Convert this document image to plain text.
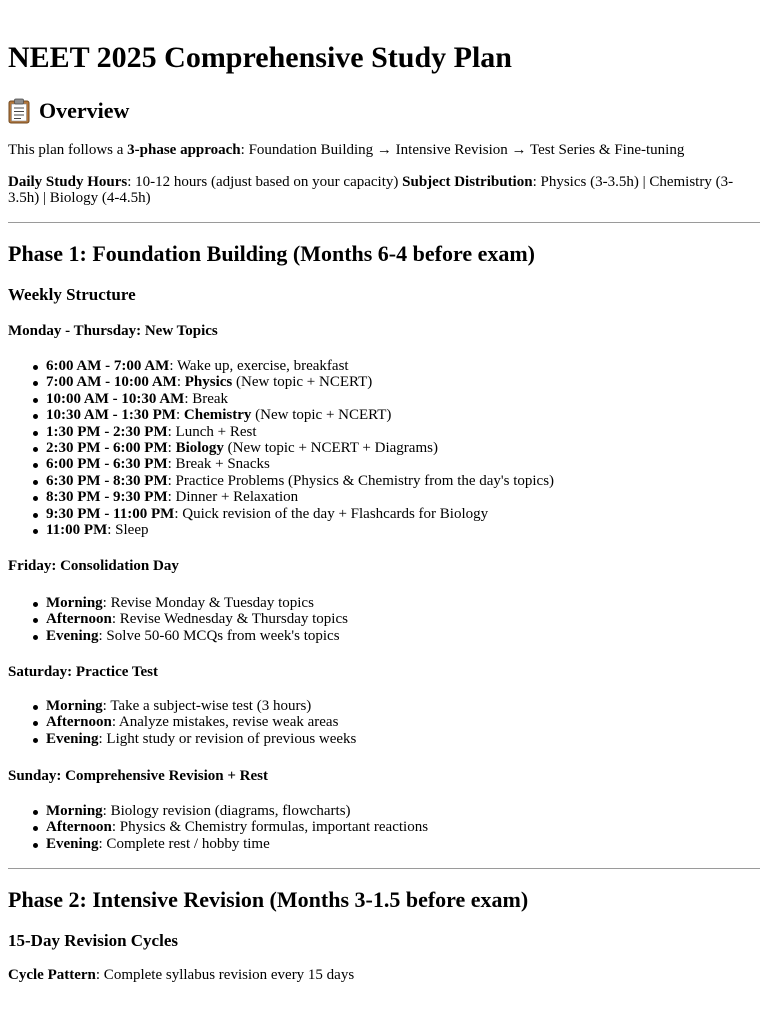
NEET 2025 Comprehensive Study Plan
Overview

This plan follows a 3-phase approach: Foundation Building → Intensive Revision → Test Series & Fine-tuning

Daily Study Hours: 10-12 hours (adjust based on your capacity) Subject Distribution: Physics (3-3.5h) | Chemistry (3-
3.5h) | Biology (4-4.5h)

Phase 1: Foundation Building (Months 6-4 before exam)
Weekly Structure
Monday - Thursday: New Topics
6:00 AM - 7:00 AM: Wake up, exercise, breakfast
7:00 AM - 10:00 AM: Physics (New topic + NCERT)
10:00 AM - 10:30 AM: Break
10:30 AM - 1:30 PM: Chemistry (New topic + NCERT)
1:30 PM - 2:30 PM: Lunch + Rest
2:30 PM - 6:00 PM: Biology (New topic + NCERT + Diagrams)
6:00 PM - 6:30 PM: Break + Snacks
6:30 PM - 8:30 PM: Practice Problems (Physics & Chemistry from the day's topics)
8:30 PM - 9:30 PM: Dinner + Relaxation
9:30 PM - 11:00 PM: Quick revision of the day + Flashcards for Biology
11:00 PM: Sleep
Friday: Consolidation Day
Morning: Revise Monday & Tuesday topics
Afternoon: Revise Wednesday & Thursday topics
Evening: Solve 50-60 MCQs from week's topics
Saturday: Practice Test
Morning: Take a subject-wise test (3 hours)
Afternoon: Analyze mistakes, revise weak areas
Evening: Light study or revision of previous weeks
Sunday: Comprehensive Revision + Rest
Morning: Biology revision (diagrams, flowcharts)
Afternoon: Physics & Chemistry formulas, important reactions
Evening: Complete rest / hobby time
Phase 2: Intensive Revision (Months 3-1.5 before exam)
15-Day Revision Cycles

Cycle Pattern: Complete syllabus revision every 15 days
